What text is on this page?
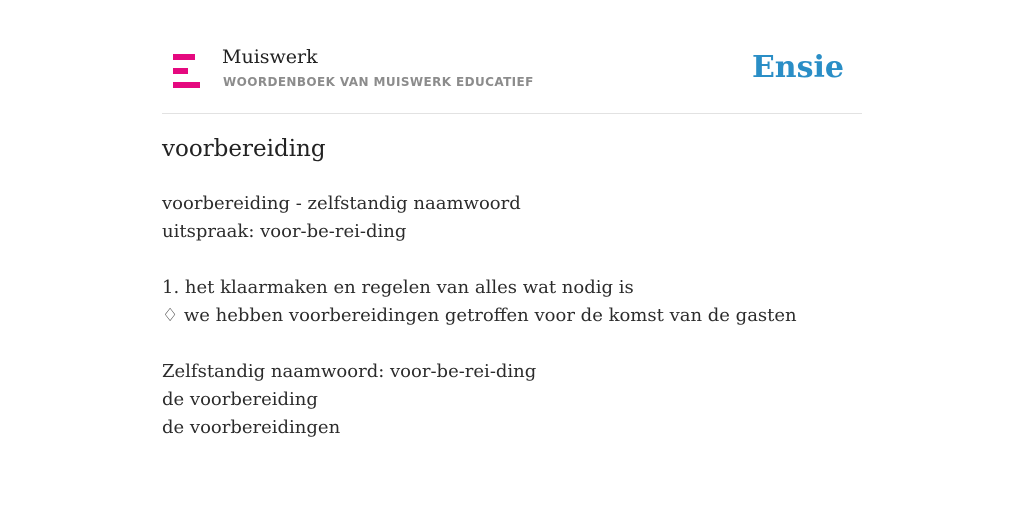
Muiswerk
WOORDENBOEK VAN MUISWERK EDUCATIEF	Ensie
voorbereiding
voorbereiding - zelfstandig naamwoord
uitspraak: voor-be-rei-ding
1. het klaarmaken en regelen van alles wat nodig is
♢ we hebben voorbereidingen getroffen voor de komst van de gasten
Zelfstandig naamwoord: voor-be-rei-ding
de voorbereiding
de voorbereidingen
